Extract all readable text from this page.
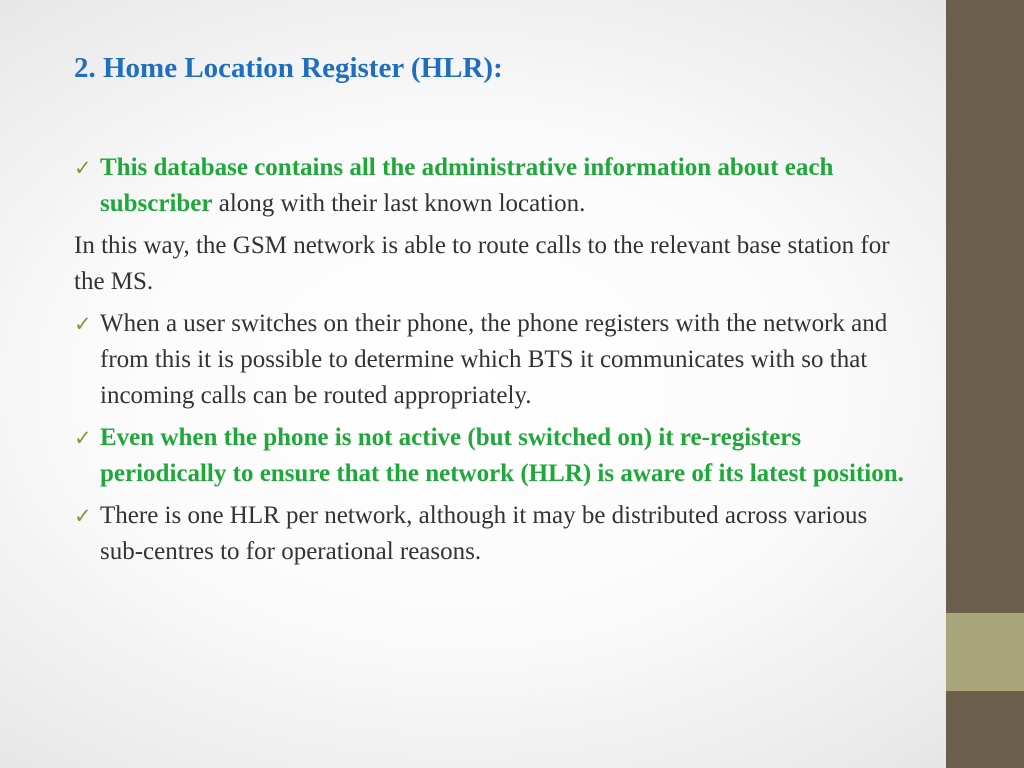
2. Home Location Register (HLR):

✓ This database contains all the administrative information about each subscriber along with their last known location.

In this way, the GSM network is able to route calls to the relevant base station for the MS.

✓ When a user switches on their phone, the phone registers with the network and from this it is possible to determine which BTS it communicates with so that incoming calls can be routed appropriately.

✓ Even when the phone is not active (but switched on) it re-registers periodically to ensure that the network (HLR) is aware of its latest position.

✓ There is one HLR per network, although it may be distributed across various sub-centres to for operational reasons.
